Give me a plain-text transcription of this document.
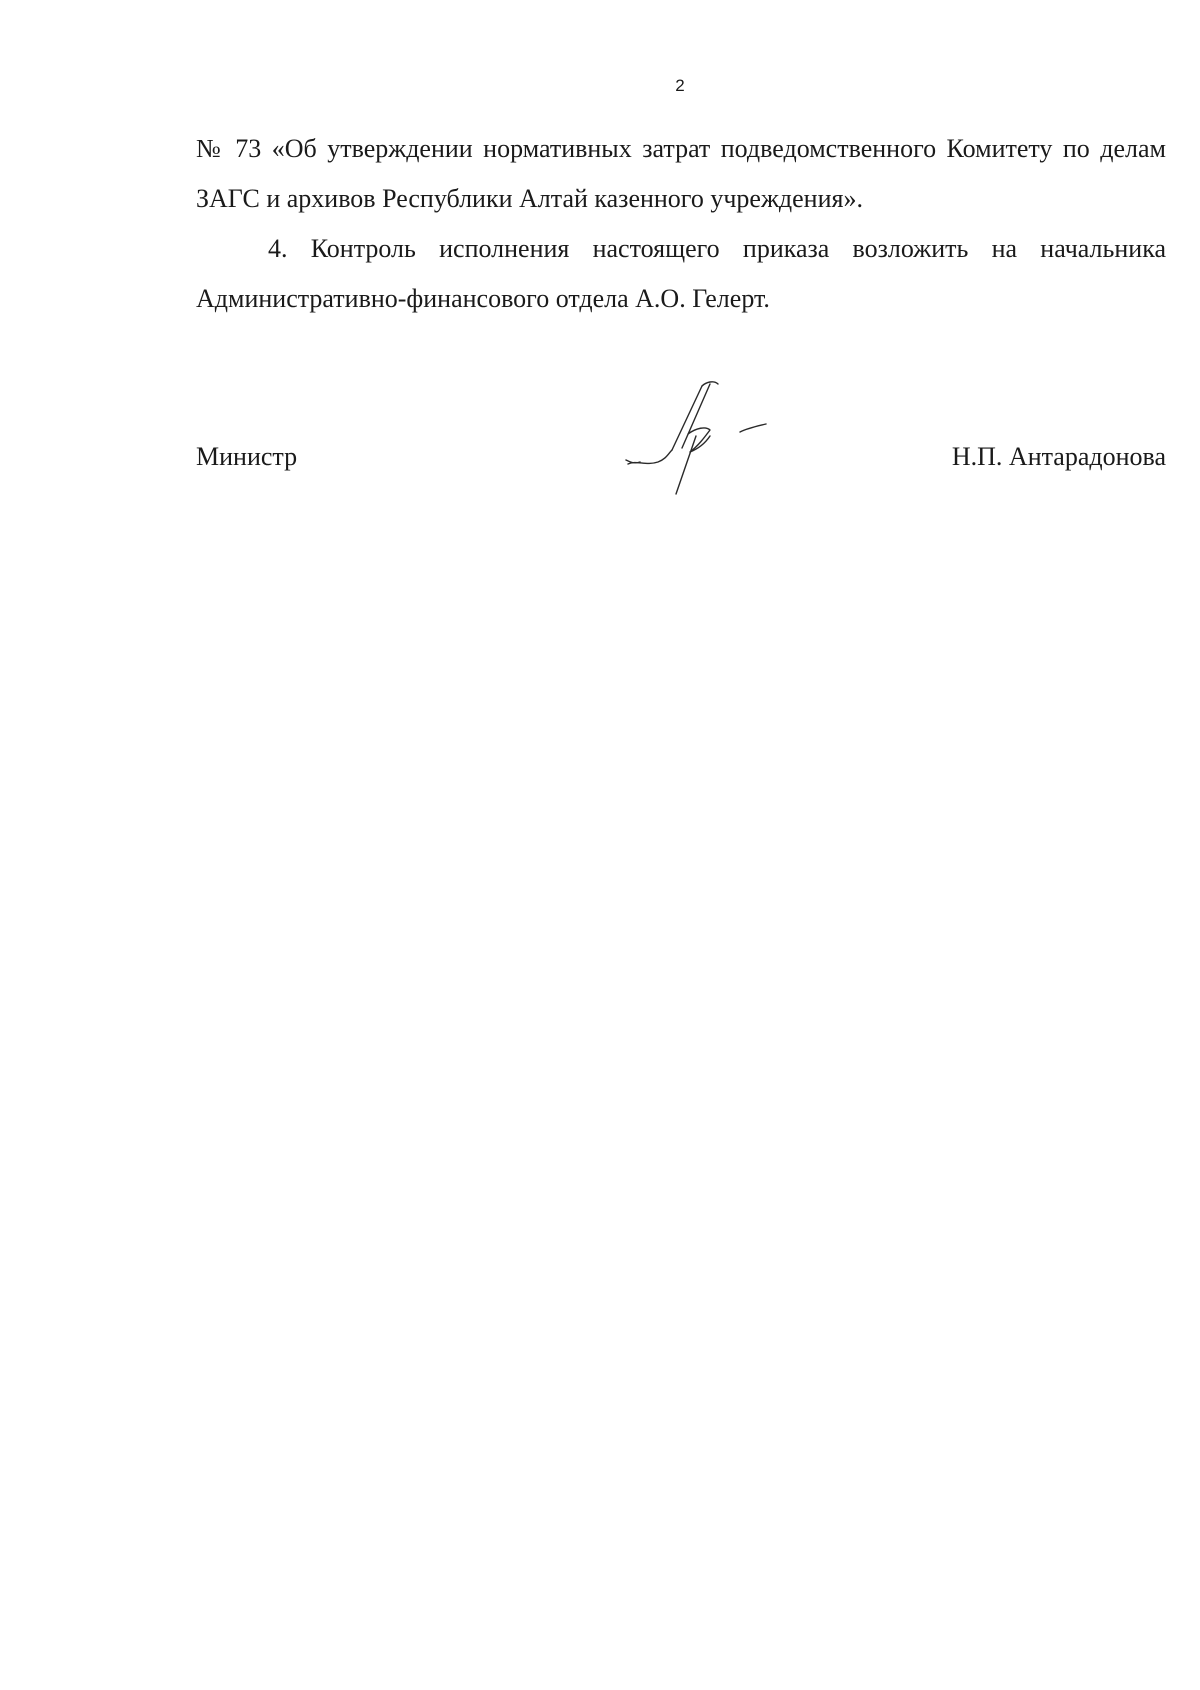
2

№ 73 «Об утверждении нормативных затрат подведомственного Комитету по делам ЗАГС и архивов Республики Алтай казенного учреждения».

4. Контроль исполнения настоящего приказа возложить на начальника Административно-финансового отдела А.О. Гелерт.

Министр	Н.П. Антарадонова
